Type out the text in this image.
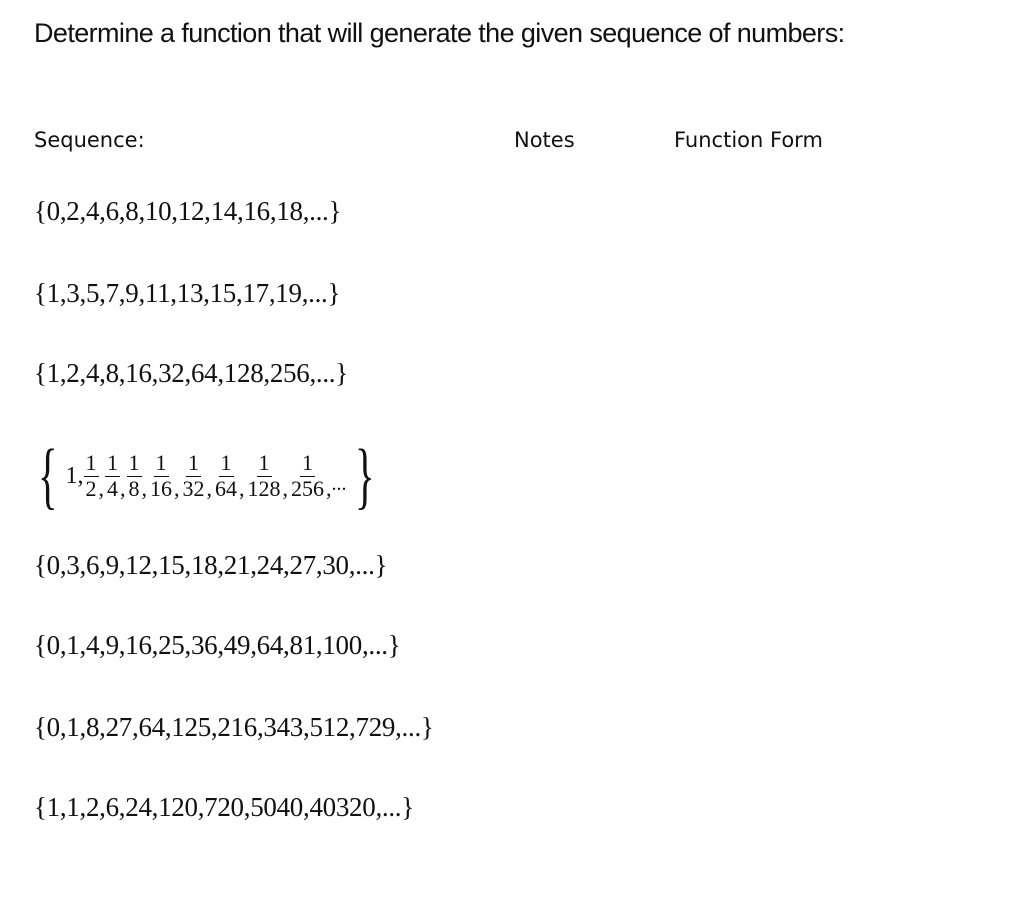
Determine a function that will generate the given sequence of numbers:
Sequence:	Notes	Function Form
{0,2,4,6,8,10,12,14,16,18,...}
{1,3,5,7,9,11,13,15,17,19,...}
{1,2,4,8,16,32,64,128,256,...}
{ 1, $\frac{1}{2}$ , $\frac{1}{4}$ , $\frac{1}{8}$ , $\frac{1}{16}$ , $\frac{1}{32}$ , $\frac{1}{64}$ , $\frac{1}{128}$ , $\frac{1}{256}$ , ... }
{0,3,6,9,12,15,18,21,24,27,30,...}
{0,1,4,9,16,25,36,49,64,81,100,...}
{0,1,8,27,64,125,216,343,512,729,...}
{1,1,2,6,24,120,720,5040,40320,...}
